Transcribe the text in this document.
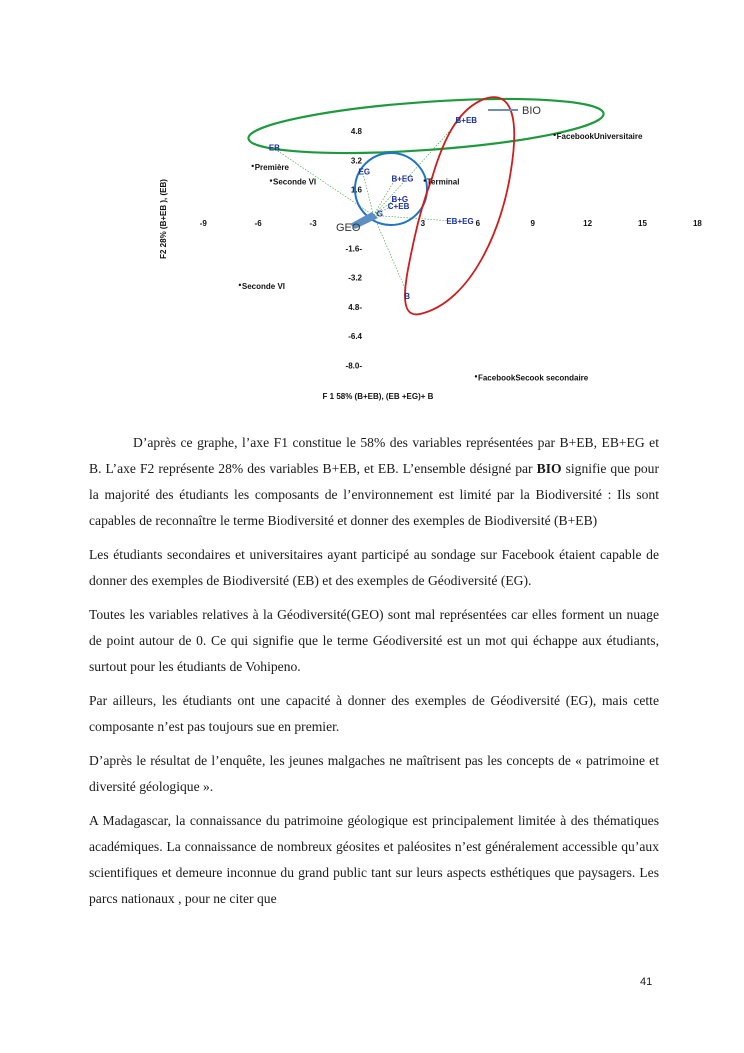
-9	-6	-3	3	6	9	12	15	18
4.8
3.2
1.6
-1.6-
-3.2
4.8-
-6.4
-8.0-
F 1 58% (B+EB), (EB +EG)+ B
F2 28% (B+EB ), (EB)
BIO
GEO
B+EB
EB
EG
B+EG
B+G
C+EB
G
EB+EG
B
Première
Seconde VI
Seconde VI
Terminal
FacebookUniversitaire
FacebookSecook secondaire

D’après ce graphe, l’axe F1 constitue le 58% des variables représentées par B+EB, EB+EG et B. L’axe F2 représente 28% des variables B+EB, et EB. L’ensemble désigné par BIO signifie que pour la majorité des étudiants les composants de l’environnement est limité par la Biodiversité : Ils sont capables de reconnaître le terme Biodiversité et donner des exemples de Biodiversité (B+EB)

Les étudiants secondaires et universitaires ayant participé au sondage sur Facebook étaient capable de donner des exemples de Biodiversité (EB) et des exemples de Géodiversité (EG).

Toutes les variables relatives à la Géodiversité(GEO) sont mal représentées car elles forment un nuage de point autour de 0. Ce qui signifie que le terme Géodiversité est un mot qui échappe aux étudiants, surtout pour les étudiants de Vohipeno.

Par ailleurs, les étudiants ont une capacité à donner des exemples de Géodiversité (EG), mais cette composante n’est pas toujours sue en premier.

D’après le résultat de l’enquête, les jeunes malgaches ne maîtrisent pas les concepts de « patrimoine et diversité géologique ».

A Madagascar, la connaissance du patrimoine géologique est principalement limitée à des thématiques académiques. La connaissance de nombreux géosites et paléosites n’est généralement accessible qu’aux scientifiques et demeure inconnue du grand public tant sur leurs aspects esthétiques que paysagers. Les parcs nationaux , pour ne citer que

41
